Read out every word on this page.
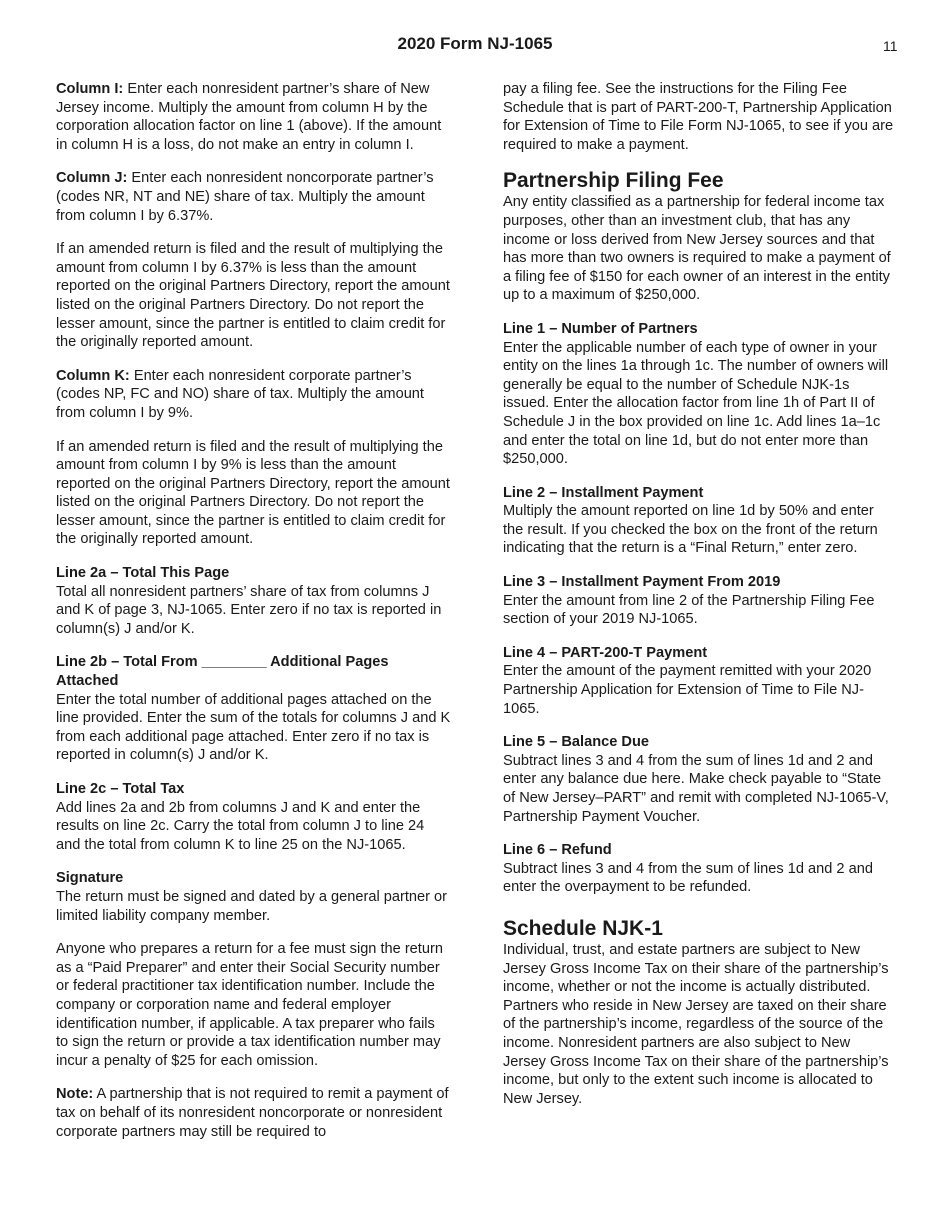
2020 Form NJ-1065	11

Column I: Enter each nonresident partner’s share of New Jersey income. Multiply the amount from column H by the corporation allocation factor on line 1 (above). If the amount in column H is a loss, do not make an entry in column I.

Column J: Enter each nonresident noncorporate partner’s (codes NR, NT and NE) share of tax. Multiply the amount from column I by 6.37%.

If an amended return is filed and the result of multiplying the amount from column I by 6.37% is less than the amount reported on the original Partners Directory, report the amount listed on the original Partners Directory. Do not report the lesser amount, since the partner is entitled to claim credit for the originally reported amount.

Column K: Enter each nonresident corporate partner’s (codes NP, FC and NO) share of tax. Multiply the amount from column I by 9%.

If an amended return is filed and the result of multiplying the amount from column I by 9% is less than the amount reported on the original Partners Directory, report the amount listed on the original Partners Directory. Do not report the lesser amount, since the partner is entitled to claim credit for the originally reported amount.

Line 2a – Total This Page

Total all nonresident partners’ share of tax from columns J and K of page 3, NJ-1065. Enter zero if no tax is reported in column(s) J and/or K.

Line 2b – Total From ________ Additional Pages Attached

Enter the total number of additional pages attached on the line provided. Enter the sum of the totals for columns J and K from each additional page attached. Enter zero if no tax is reported in column(s) J and/or K.

Line 2c – Total Tax

Add lines 2a and 2b from columns J and K and enter the results on line 2c. Carry the total from column J to line 24 and the total from column K to line 25 on the NJ-1065.

Signature

The return must be signed and dated by a general partner or limited liability company member.

Anyone who prepares a return for a fee must sign the return as a “Paid Preparer” and enter their Social Security number or federal practitioner tax identification number. Include the company or corporation name and federal employer identification number, if applicable. A tax preparer who fails to sign the return or provide a tax identification number may incur a penalty of $25 for each omission.

Note: A partnership that is not required to remit a payment of tax on behalf of its nonresident noncorporate or nonresident corporate partners may still be required to

pay a filing fee. See the instructions for the Filing Fee Schedule that is part of PART-200-T, Partnership Application for Extension of Time to File Form NJ-1065, to see if you are required to make a payment.

Partnership Filing Fee

Any entity classified as a partnership for federal income tax purposes, other than an investment club, that has any income or loss derived from New Jersey sources and that has more than two owners is required to make a payment of a filing fee of $150 for each owner of an interest in the entity up to a maximum of $250,000.

Line 1 – Number of Partners

Enter the applicable number of each type of owner in your entity on the lines 1a through 1c. The number of owners will generally be equal to the number of Schedule NJK-1s issued. Enter the allocation factor from line 1h of Part II of Schedule J in the box provided on line 1c. Add lines 1a–1c and enter the total on line 1d, but do not enter more than $250,000.

Line 2 – Installment Payment

Multiply the amount reported on line 1d by 50% and enter the result. If you checked the box on the front of the return indicating that the return is a “Final Return,” enter zero.

Line 3 – Installment Payment From 2019

Enter the amount from line 2 of the Partnership Filing Fee section of your 2019 NJ-1065.

Line 4 – PART-200-T Payment

Enter the amount of the payment remitted with your 2020 Partnership Application for Extension of Time to File NJ-1065.

Line 5 – Balance Due

Subtract lines 3 and 4 from the sum of lines 1d and 2 and enter any balance due here. Make check payable to “State of New Jersey–PART” and remit with completed NJ-1065-V, Partnership Payment Voucher.

Line 6 – Refund

Subtract lines 3 and 4 from the sum of lines 1d and 2 and enter the overpayment to be refunded.

Schedule NJK-1

Individual, trust, and estate partners are subject to New Jersey Gross Income Tax on their share of the partnership’s income, whether or not the income is actually distributed. Partners who reside in New Jersey are taxed on their share of the partnership’s income, regardless of the source of the income. Nonresident partners are also subject to New Jersey Gross Income Tax on their share of the partnership’s income, but only to the extent such income is allocated to New Jersey.
